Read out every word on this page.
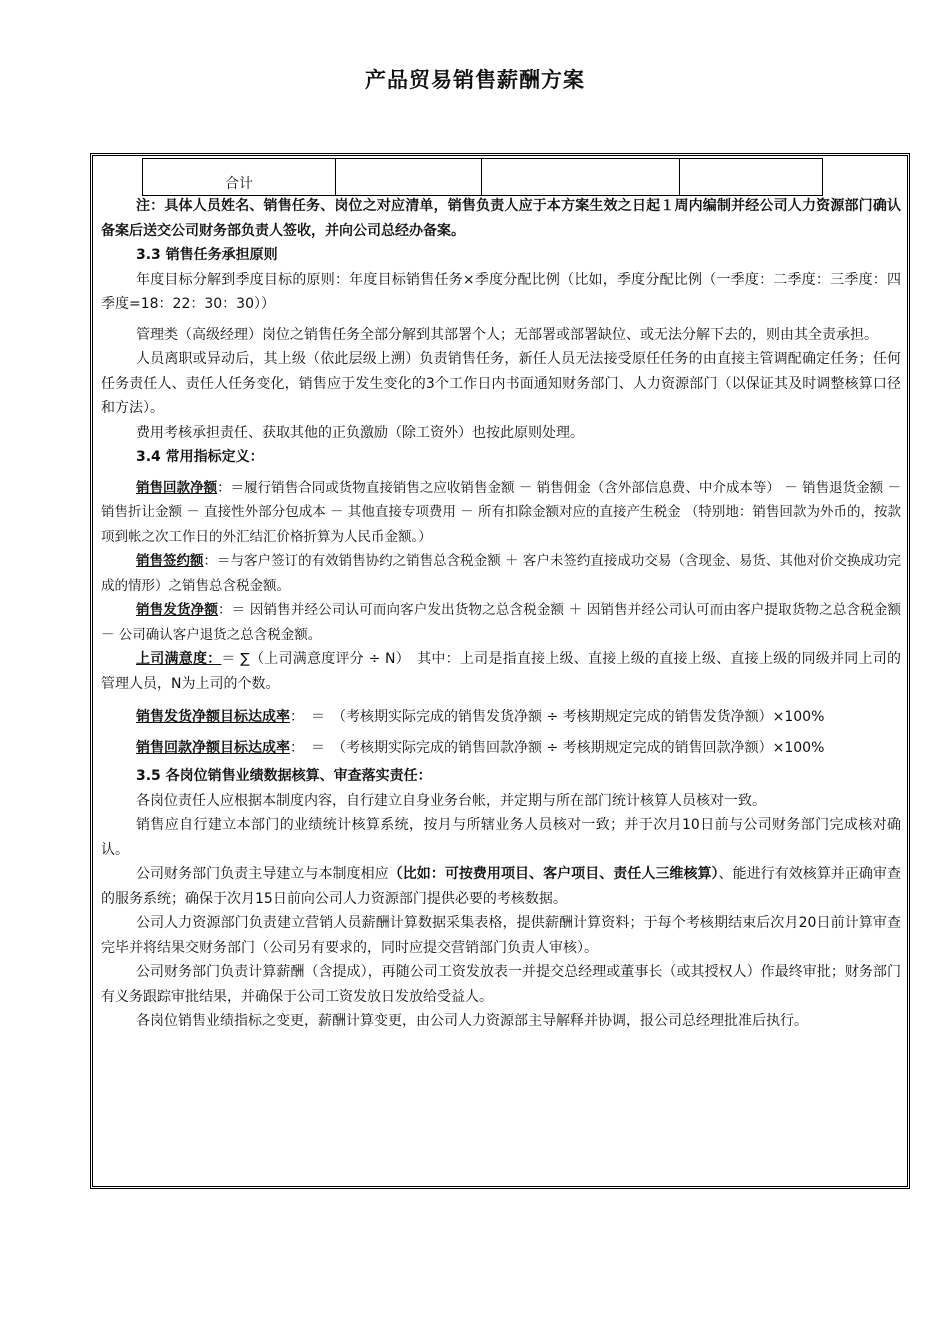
产品贸易销售薪酬方案
合计			

注：具体人员姓名、销售任务、岗位之对应清单，销售负责人应于本方案生效之日起１周内编制并经公司人力资源部门确认备案后送交公司财务部负责人签收，并向公司总经办备案。

3.3 销售任务承担原则

年度目标分解到季度目标的原则：年度目标销售任务×季度分配比例（比如，季度分配比例（一季度：二季度：三季度：四季度=18：22：30：30））

管理类（高级经理）岗位之销售任务全部分解到其部署个人；无部署或部署缺位、或无法分解下去的，则由其全责承担。

人员离职或异动后，其上级（依此层级上溯）负责销售任务，新任人员无法接受原任任务的由直接主管调配确定任务；任何任务责任人、责任人任务变化，销售应于发生变化的3个工作日内书面通知财务部门、人力资源部门（以保证其及时调整核算口径和方法）。

费用考核承担责任、获取其他的正负激励（除工资外）也按此原则处理。

3.4 常用指标定义：

销售回款净额：＝履行销售合同或货物直接销售之应收销售金额 － 销售佣金（含外部信息费、中介成本等） － 销售退货金额 － 销售折让金额 － 直接性外部分包成本 － 其他直接专项费用 － 所有扣除金额对应的直接产生税金 （特别地：销售回款为外币的，按款项到帐之次工作日的外汇结汇价格折算为人民币金额。）

销售签约额：＝与客户签订的有效销售协约之销售总含税金额 ＋ 客户未签约直接成功交易（含现金、易货、其他对价交换成功完成的情形）之销售总含税金额。

销售发货净额：＝ 因销售并经公司认可而向客户发出货物之总含税金额 ＋ 因销售并经公司认可而由客户提取货物之总含税金额 － 公司确认客户退货之总含税金额。

上司满意度：＝ ∑（上司满意度评分 ÷ N）　其中：上司是指直接上级、直接上级的直接上级、直接上级的同级并同上司的管理人员，N为上司的个数。

销售发货净额目标达成率：　＝　（考核期实际完成的销售发货净额 ÷ 考核期规定完成的销售发货净额）×100%

销售回款净额目标达成率：　＝　（考核期实际完成的销售回款净额 ÷ 考核期规定完成的销售回款净额）×100%

3.5 各岗位销售业绩数据核算、审查落实责任：

各岗位责任人应根据本制度内容，自行建立自身业务台帐，并定期与所在部门统计核算人员核对一致。

销售应自行建立本部门的业绩统计核算系统，按月与所辖业务人员核对一致；并于次月10日前与公司财务部门完成核对确认。

公司财务部门负责主导建立与本制度相应（比如：可按费用项目、客户项目、责任人三维核算）、能进行有效核算并正确审查的服务系统；确保于次月15日前向公司人力资源部门提供必要的考核数据。

公司人力资源部门负责建立营销人员薪酬计算数据采集表格，提供薪酬计算资料；于每个考核期结束后次月20日前计算审查完毕并将结果交财务部门（公司另有要求的，同时应提交营销部门负责人审核）。

公司财务部门负责计算薪酬（含提成），再随公司工资发放表一并提交总经理或董事长（或其授权人）作最终审批；财务部门有义务跟踪审批结果，并确保于公司工资发放日发放给受益人。

各岗位销售业绩指标之变更，薪酬计算变更，由公司人力资源部主导解释并协调，报公司总经理批准后执行。
